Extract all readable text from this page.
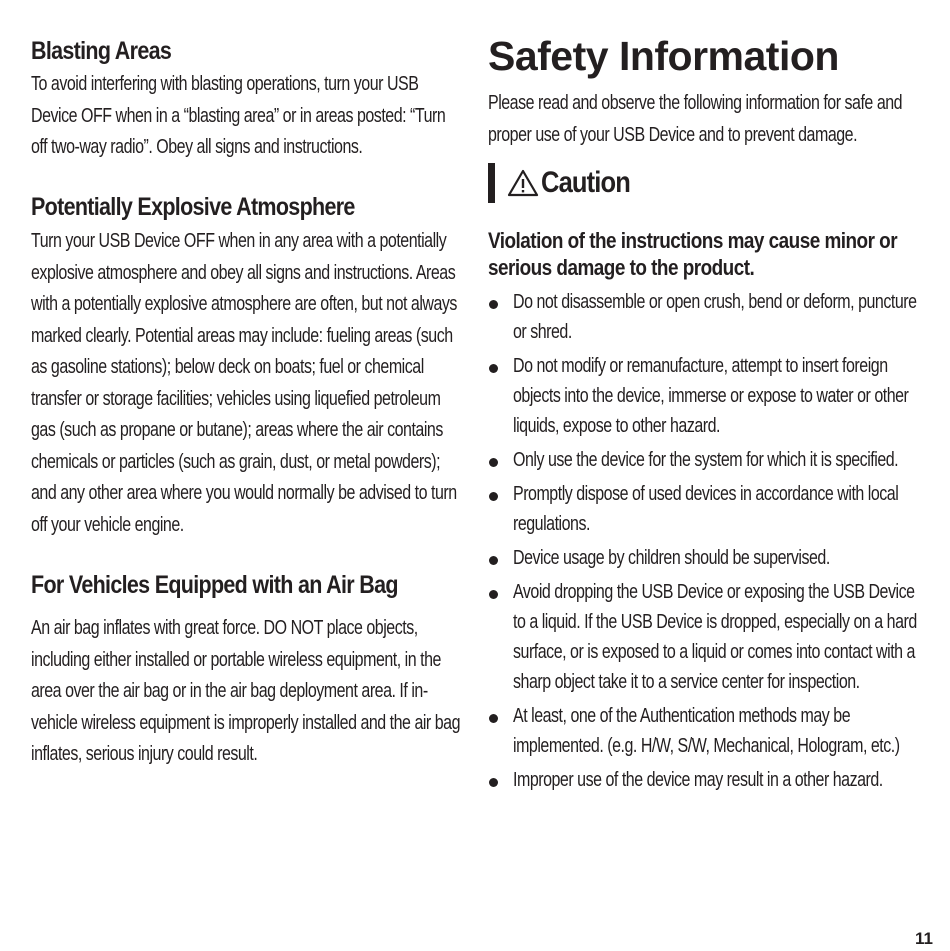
Blasting Areas

To avoid interfering with blasting operations, turn your USB Device OFF when in a “blasting area” or in areas posted: “Turn off two-way radio”. Obey all signs and instructions.

Potentially Explosive Atmosphere

Turn your USB Device OFF when in any area with a potentially explosive atmosphere and obey all signs and instructions. Areas with a potentially explosive atmosphere are often, but not always marked clearly. Potential areas may include: fueling areas (such as gasoline stations); below deck on boats; fuel or chemical transfer or storage facilities; vehicles using liquefied petroleum gas (such as propane or butane); areas where the air contains chemicals or particles (such as grain, dust, or metal powders); and any other area where you would normally be advised to turn off your vehicle engine.

For Vehicles Equipped with an Air Bag

An air bag inflates with great force. DO NOT place objects, including either installed or portable wireless equipment, in the area over the air bag or in the air bag deployment area. If in-vehicle wireless equipment is improperly installed and the air bag inflates, serious injury could result.

Safety Information

Please read and observe the following information for safe and proper use of your USB Device and to prevent damage.

Caution

Violation of the instructions may cause minor or serious damage to the product.

Do not disassemble or open crush, bend or deform, puncture or shred.
Do not modify or remanufacture, attempt to insert foreign objects into the device, immerse or expose to water or other liquids, expose to other hazard.
Only use the device for the system for which it is specified.
Promptly dispose of used devices in accordance with local regulations.
Device usage by children should be supervised.
Avoid dropping the USB Device or exposing the USB Device to a liquid. If the USB Device is dropped, especially on a hard surface, or is exposed to a liquid or comes into contact with a sharp object take it to a service center for inspection.
At least, one of the Authentication methods may be implemented. (e.g. H/W, S/W, Mechanical, Hologram, etc.)
Improper use of the device may result in a other hazard.
11
